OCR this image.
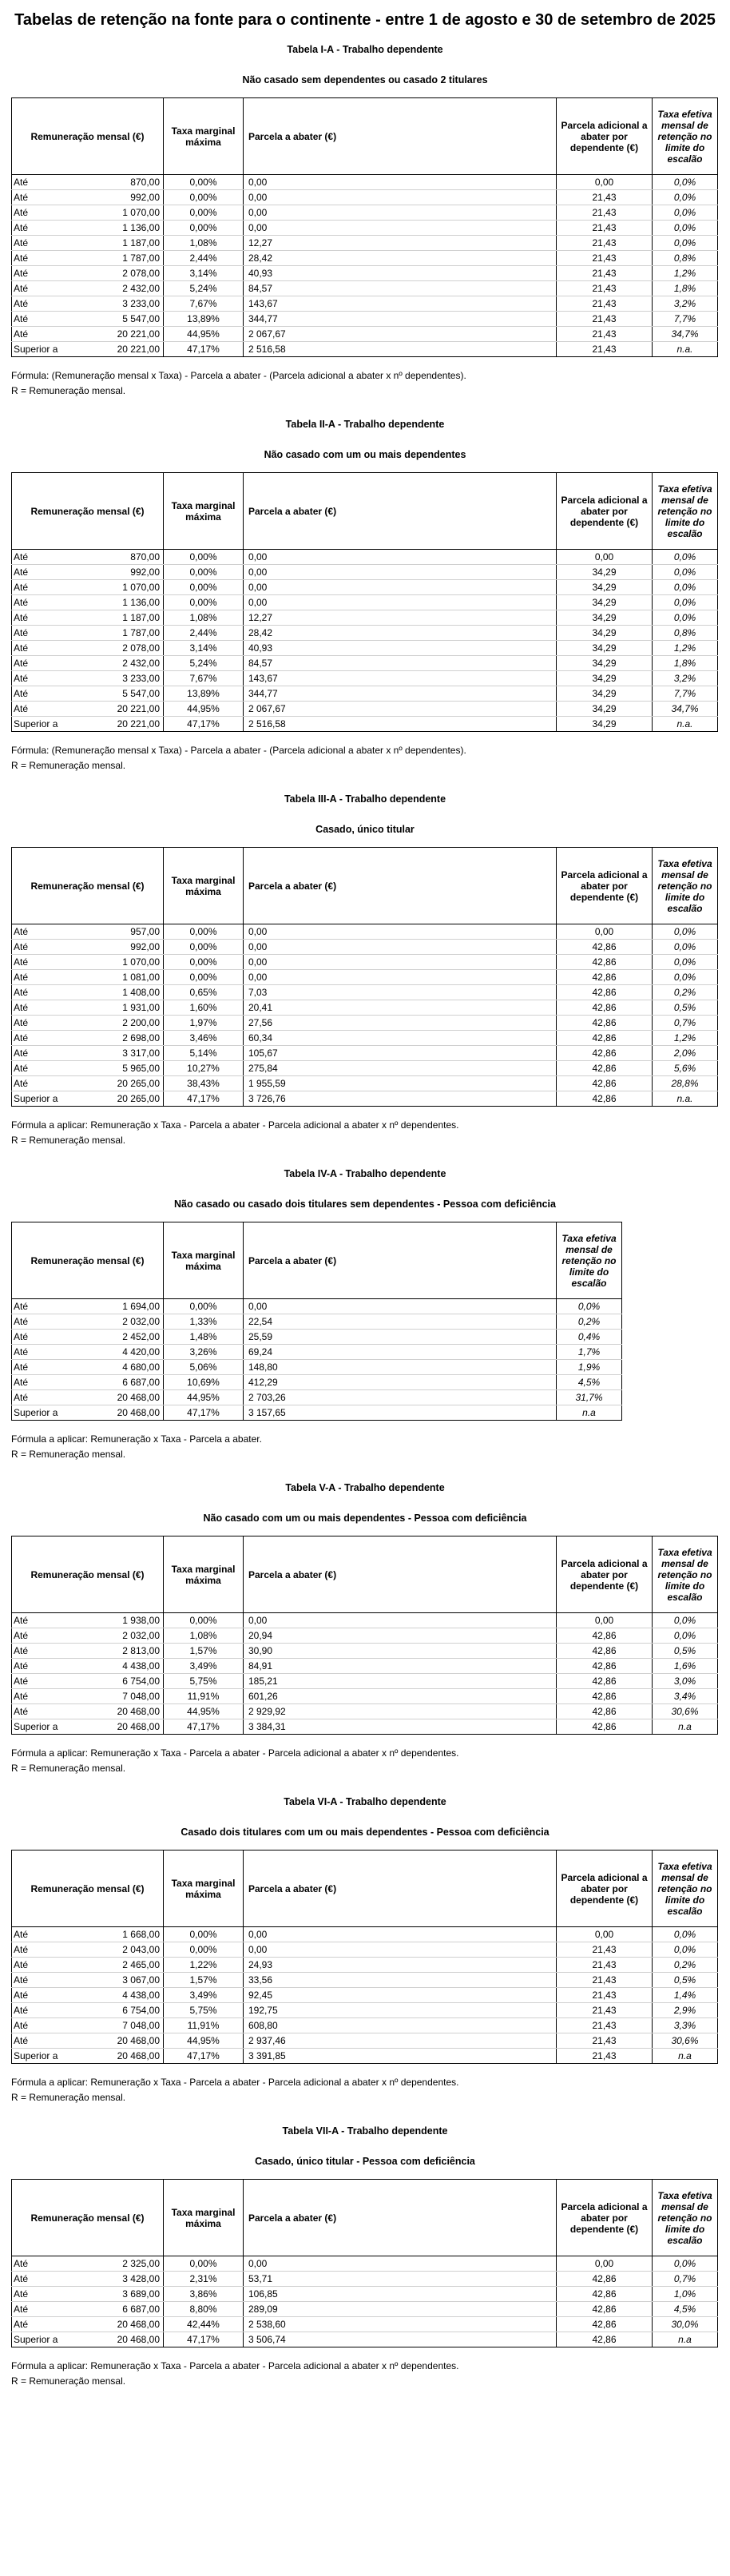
Tabelas de retenção na fonte para o continente - entre 1 de agosto e 30 de setembro de 2025
Tabela I-A - Trabalho dependente
Não casado sem dependentes ou casado 2 titulares
Remuneração mensal (€)		Taxa marginal máxima	Parcela a abater (€)	Parcela adicional a abater por dependente (€)	Taxa efetiva mensal de retenção no limite do escalão
Até	870,00	0,00%	0,00	0,00	0,0%
Até	992,00	0,00%	0,00	21,43	0,0%
Até	1 070,00	0,00%	0,00	21,43	0,0%
Até	1 136,00	0,00%	0,00	21,43	0,0%
Até	1 187,00	1,08%	12,27	21,43	0,0%
Até	1 787,00	2,44%	28,42	21,43	0,8%
Até	2 078,00	3,14%	40,93	21,43	1,2%
Até	2 432,00	5,24%	84,57	21,43	1,8%
Até	3 233,00	7,67%	143,67	21,43	3,2%
Até	5 547,00	13,89%	344,77	21,43	7,7%
Até	20 221,00	44,95%	2 067,67	21,43	34,7%
Superior a	20 221,00	47,17%	2 516,58	21,43	n.a.
Fórmula: (Remuneração mensal x Taxa) - Parcela a abater - (Parcela adicional a abater x nº dependentes).
R = Remuneração mensal.
Tabela II-A - Trabalho dependente
Não casado com um ou mais dependentes
Remuneração mensal (€)		Taxa marginal máxima	Parcela a abater (€)	Parcela adicional a abater por dependente (€)	Taxa efetiva mensal de retenção no limite do escalão
Até	870,00	0,00%	0,00	0,00	0,0%
Até	992,00	0,00%	0,00	34,29	0,0%
Até	1 070,00	0,00%	0,00	34,29	0,0%
Até	1 136,00	0,00%	0,00	34,29	0,0%
Até	1 187,00	1,08%	12,27	34,29	0,0%
Até	1 787,00	2,44%	28,42	34,29	0,8%
Até	2 078,00	3,14%	40,93	34,29	1,2%
Até	2 432,00	5,24%	84,57	34,29	1,8%
Até	3 233,00	7,67%	143,67	34,29	3,2%
Até	5 547,00	13,89%	344,77	34,29	7,7%
Até	20 221,00	44,95%	2 067,67	34,29	34,7%
Superior a	20 221,00	47,17%	2 516,58	34,29	n.a.
Fórmula: (Remuneração mensal x Taxa) - Parcela a abater - (Parcela adicional a abater x nº dependentes).
R = Remuneração mensal.
Tabela III-A - Trabalho dependente
Casado, único titular
Remuneração mensal (€)		Taxa marginal máxima	Parcela a abater (€)	Parcela adicional a abater por dependente (€)	Taxa efetiva mensal de retenção no limite do escalão
Até	957,00	0,00%	0,00	0,00	0,0%
Até	992,00	0,00%	0,00	42,86	0,0%
Até	1 070,00	0,00%	0,00	42,86	0,0%
Até	1 081,00	0,00%	0,00	42,86	0,0%
Até	1 408,00	0,65%	7,03	42,86	0,2%
Até	1 931,00	1,60%	20,41	42,86	0,5%
Até	2 200,00	1,97%	27,56	42,86	0,7%
Até	2 698,00	3,46%	60,34	42,86	1,2%
Até	3 317,00	5,14%	105,67	42,86	2,0%
Até	5 965,00	10,27%	275,84	42,86	5,6%
Até	20 265,00	38,43%	1 955,59	42,86	28,8%
Superior a	20 265,00	47,17%	3 726,76	42,86	n.a.
Fórmula a aplicar: Remuneração x Taxa - Parcela a abater - Parcela adicional a abater x nº dependentes.
R = Remuneração mensal.
Tabela IV-A - Trabalho dependente
Não casado ou casado dois titulares sem dependentes - Pessoa com deficiência
Remuneração mensal (€)		Taxa marginal máxima	Parcela a abater (€)	Taxa efetiva mensal de retenção no limite do escalão
Até	1 694,00	0,00%	0,00	0,0%
Até	2 032,00	1,33%	22,54	0,2%
Até	2 452,00	1,48%	25,59	0,4%
Até	4 420,00	3,26%	69,24	1,7%
Até	4 680,00	5,06%	148,80	1,9%
Até	6 687,00	10,69%	412,29	4,5%
Até	20 468,00	44,95%	2 703,26	31,7%
Superior a	20 468,00	47,17%	3 157,65	n.a
Fórmula a aplicar: Remuneração x Taxa - Parcela a abater.
R = Remuneração mensal.
Tabela V-A - Trabalho dependente
Não casado com um ou mais dependentes - Pessoa com deficiência
Remuneração mensal (€)		Taxa marginal máxima	Parcela a abater (€)	Parcela adicional a abater por dependente (€)	Taxa efetiva mensal de retenção no limite do escalão
Até	1 938,00	0,00%	0,00	0,00	0,0%
Até	2 032,00	1,08%	20,94	42,86	0,0%
Até	2 813,00	1,57%	30,90	42,86	0,5%
Até	4 438,00	3,49%	84,91	42,86	1,6%
Até	6 754,00	5,75%	185,21	42,86	3,0%
Até	7 048,00	11,91%	601,26	42,86	3,4%
Até	20 468,00	44,95%	2 929,92	42,86	30,6%
Superior a	20 468,00	47,17%	3 384,31	42,86	n.a
Fórmula a aplicar: Remuneração x Taxa - Parcela a abater - Parcela adicional a abater x nº dependentes.
R = Remuneração mensal.
Tabela VI-A - Trabalho dependente
Casado dois titulares com um ou mais dependentes - Pessoa com deficiência
Remuneração mensal (€)		Taxa marginal máxima	Parcela a abater (€)	Parcela adicional a abater por dependente (€)	Taxa efetiva mensal de retenção no limite do escalão
Até	1 668,00	0,00%	0,00	0,00	0,0%
Até	2 043,00	0,00%	0,00	21,43	0,0%
Até	2 465,00	1,22%	24,93	21,43	0,2%
Até	3 067,00	1,57%	33,56	21,43	0,5%
Até	4 438,00	3,49%	92,45	21,43	1,4%
Até	6 754,00	5,75%	192,75	21,43	2,9%
Até	7 048,00	11,91%	608,80	21,43	3,3%
Até	20 468,00	44,95%	2 937,46	21,43	30,6%
Superior a	20 468,00	47,17%	3 391,85	21,43	n.a
Fórmula a aplicar: Remuneração x Taxa - Parcela a abater - Parcela adicional a abater x nº dependentes.
R = Remuneração mensal.
Tabela VII-A - Trabalho dependente
Casado, único titular - Pessoa com deficiência
Remuneração mensal (€)		Taxa marginal máxima	Parcela a abater (€)	Parcela adicional a abater por dependente (€)	Taxa efetiva mensal de retenção no limite do escalão
Até	2 325,00	0,00%	0,00	0,00	0,0%
Até	3 428,00	2,31%	53,71	42,86	0,7%
Até	3 689,00	3,86%	106,85	42,86	1,0%
Até	6 687,00	8,80%	289,09	42,86	4,5%
Até	20 468,00	42,44%	2 538,60	42,86	30,0%
Superior a	20 468,00	47,17%	3 506,74	42,86	n.a
Fórmula a aplicar: Remuneração x Taxa - Parcela a abater - Parcela adicional a abater x nº dependentes.
R = Remuneração mensal.
